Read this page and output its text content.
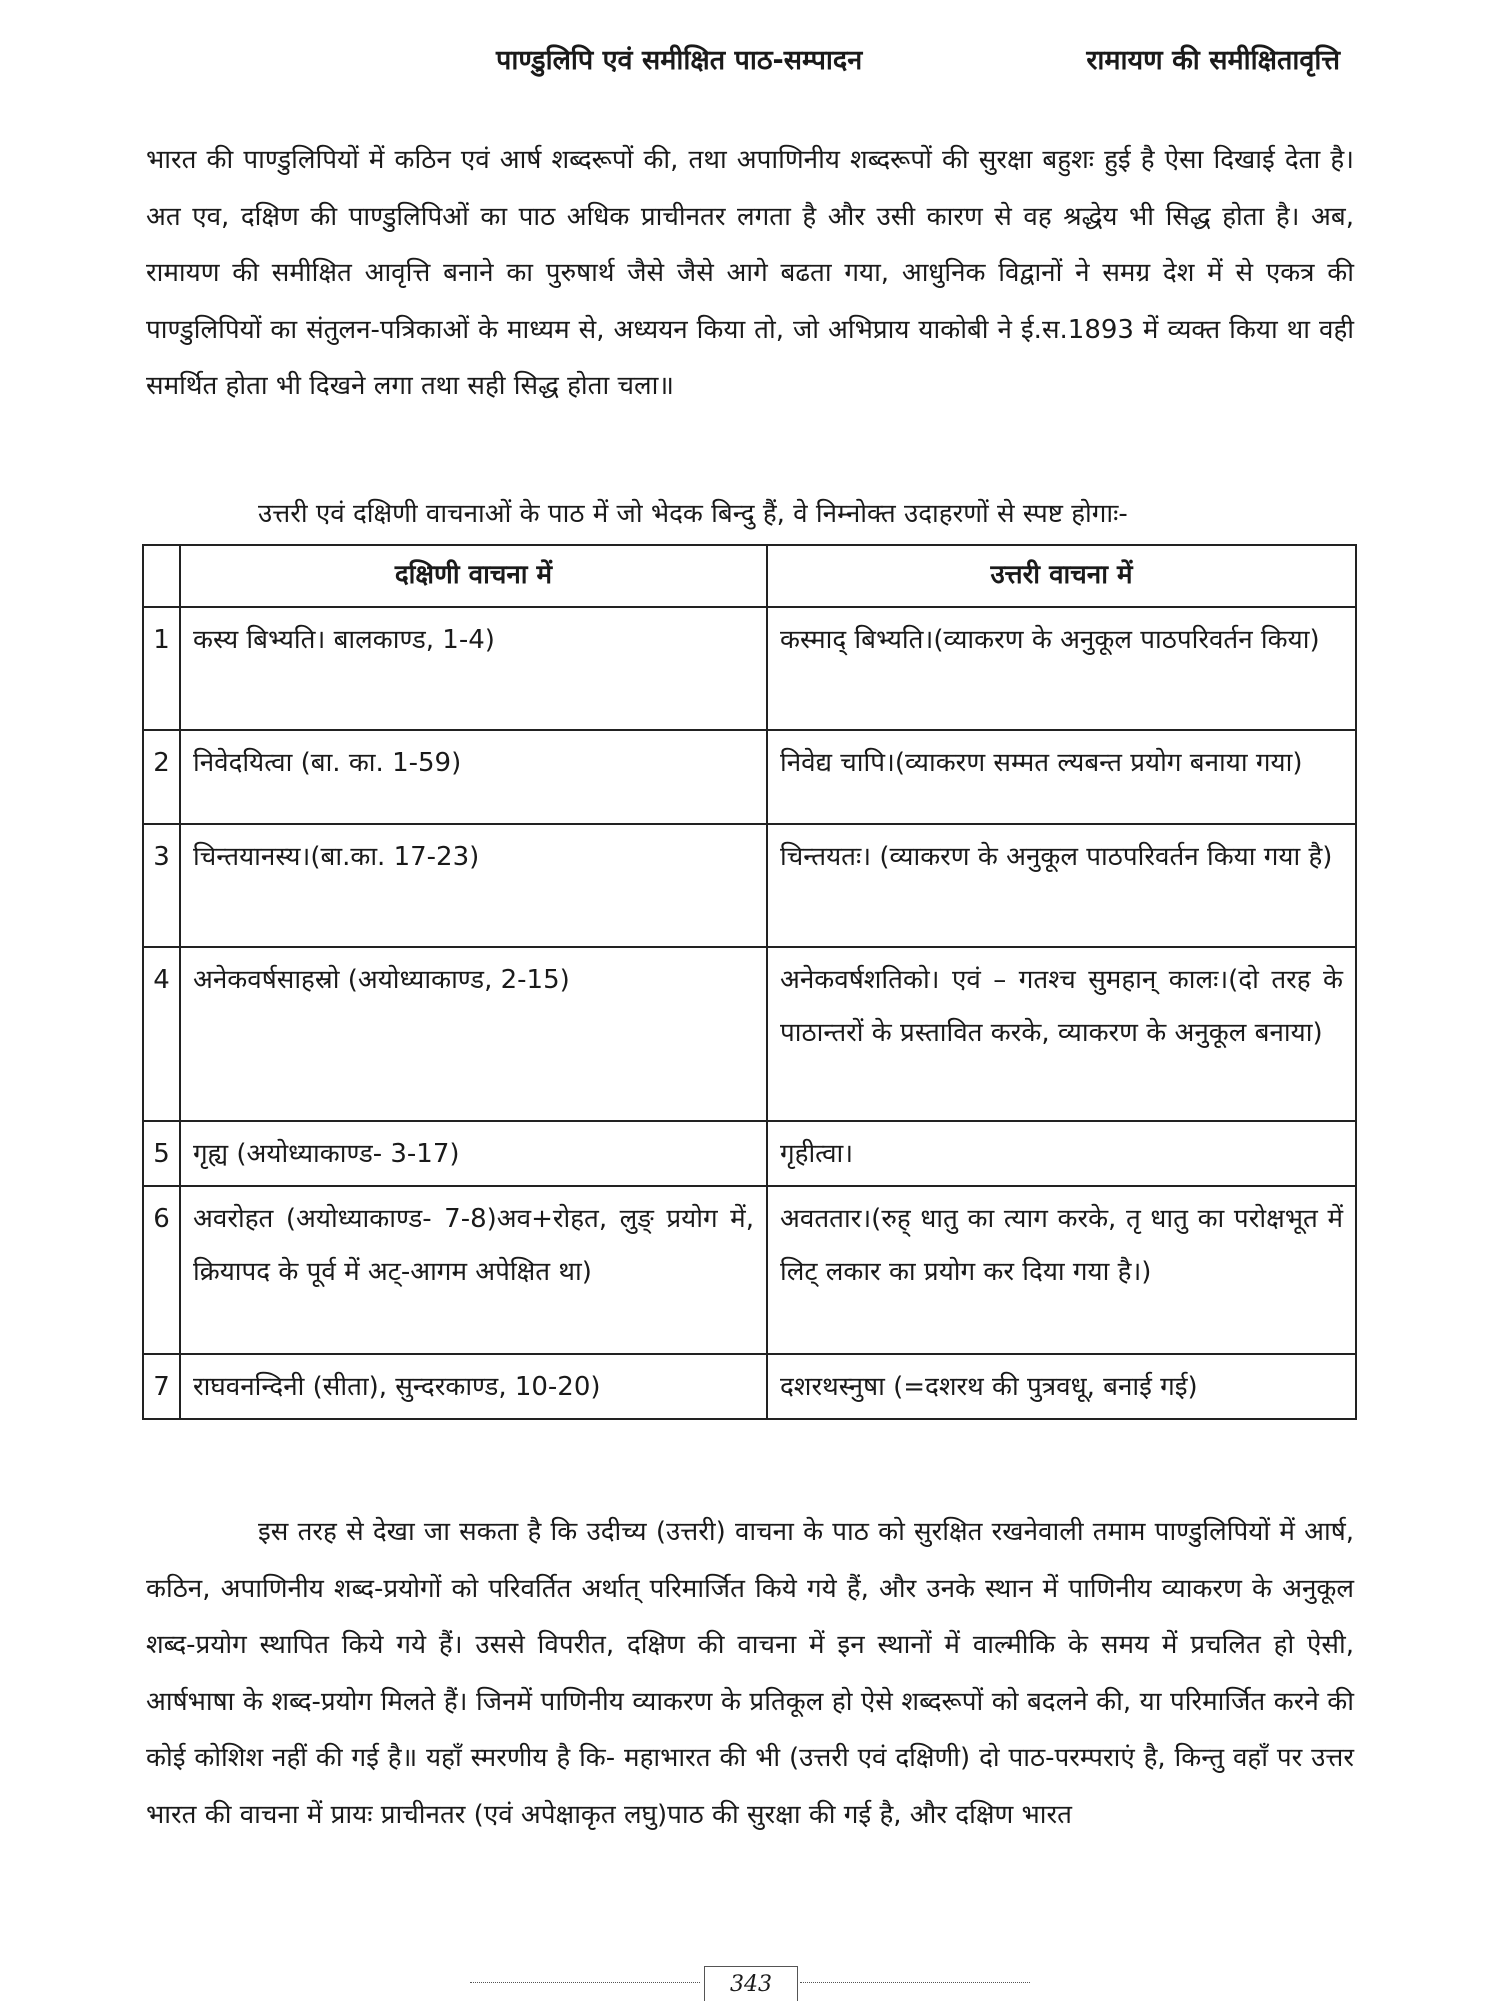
पाण्डुलिपि एवं समीक्षित पाठ-सम्पादन	रामायण की समीक्षितावृत्ति

भारत की पाण्डुलिपियों में कठिन एवं आर्ष शब्दरूपों की, तथा अपाणिनीय शब्दरूपों की सुरक्षा बहुशः हुई है ऐसा दिखाई देता है। अत एव, दक्षिण की पाण्डुलिपिओं का पाठ अधिक प्राचीनतर लगता है और उसी कारण से वह श्रद्धेय भी सिद्ध होता है। अब, रामायण की समीक्षित आवृत्ति बनाने का पुरुषार्थ जैसे जैसे आगे बढता गया, आधुनिक विद्वानों ने समग्र देश में से एकत्र की पाण्डुलिपियों का संतुलन-पत्रिकाओं के माध्यम से, अध्ययन किया तो, जो अभिप्राय याकोबी ने ई.स.1893 में व्यक्त किया था वही समर्थित होता भी दिखने लगा तथा सही सिद्ध होता चला॥

उत्तरी एवं दक्षिणी वाचनाओं के पाठ में जो भेदक बिन्दु हैं, वे निम्नोक्त उदाहरणों से स्पष्ट होगाः-

	दक्षिणी वाचना में	उत्तरी वाचना में
1	कस्य बिभ्यति। बालकाण्ड, 1-4)	कस्माद् बिभ्यति।(व्याकरण के अनुकूल पाठपरिवर्तन किया)
2	निवेदयित्वा (बा. का. 1-59)	निवेद्य चापि।(व्याकरण सम्मत ल्यबन्त प्रयोग बनाया गया)
3	चिन्तयानस्य।(बा.का. 17-23)	चिन्तयतः। (व्याकरण के अनुकूल पाठपरिवर्तन किया गया है)
4	अनेकवर्षसाहस्रो (अयोध्याकाण्ड, 2-15)	अनेकवर्षशतिको। एवं – गतश्च सुमहान् कालः।(दो तरह के पाठान्तरों के प्रस्तावित करके, व्याकरण के अनुकूल बनाया)
5	गृह्य (अयोध्याकाण्ड- 3-17)	गृहीत्वा।
6	अवरोहत (अयोध्याकाण्ड- 7-8)अव+रोहत, लुङ् प्रयोग में, क्रियापद के पूर्व में अट्-आगम अपेक्षित था)	अवततार।(रुह् धातु का त्याग करके, तृ धातु का परोक्षभूत में लिट् लकार का प्रयोग कर दिया गया है।)
7	राघवनन्दिनी (सीता), सुन्दरकाण्ड, 10-20)	दशरथस्नुषा (=दशरथ की पुत्रवधू, बनाई गई)

इस तरह से देखा जा सकता है कि उदीच्य (उत्तरी) वाचना के पाठ को सुरक्षित रखनेवाली तमाम पाण्डुलिपियों में आर्ष, कठिन, अपाणिनीय शब्द-प्रयोगों को परिवर्तित अर्थात् परिमार्जित किये गये हैं, और उनके स्थान में पाणिनीय व्याकरण के अनुकूल शब्द-प्रयोग स्थापित किये गये हैं। उससे विपरीत, दक्षिण की वाचना में इन स्थानों में वाल्मीकि के समय में प्रचलित हो ऐसी, आर्षभाषा के शब्द-प्रयोग मिलते हैं। जिनमें पाणिनीय व्याकरण के प्रतिकूल हो ऐसे शब्दरूपों को बदलने की, या परिमार्जित करने की कोई कोशिश नहीं की गई है॥ यहाँ स्मरणीय है कि- महाभारत की भी (उत्तरी एवं दक्षिणी) दो पाठ-परम्पराएं है, किन्तु वहाँ पर उत्तर भारत की वाचना में प्रायः प्राचीनतर (एवं अपेक्षाकृत लघु)पाठ की सुरक्षा की गई है, और दक्षिण भारत

343
